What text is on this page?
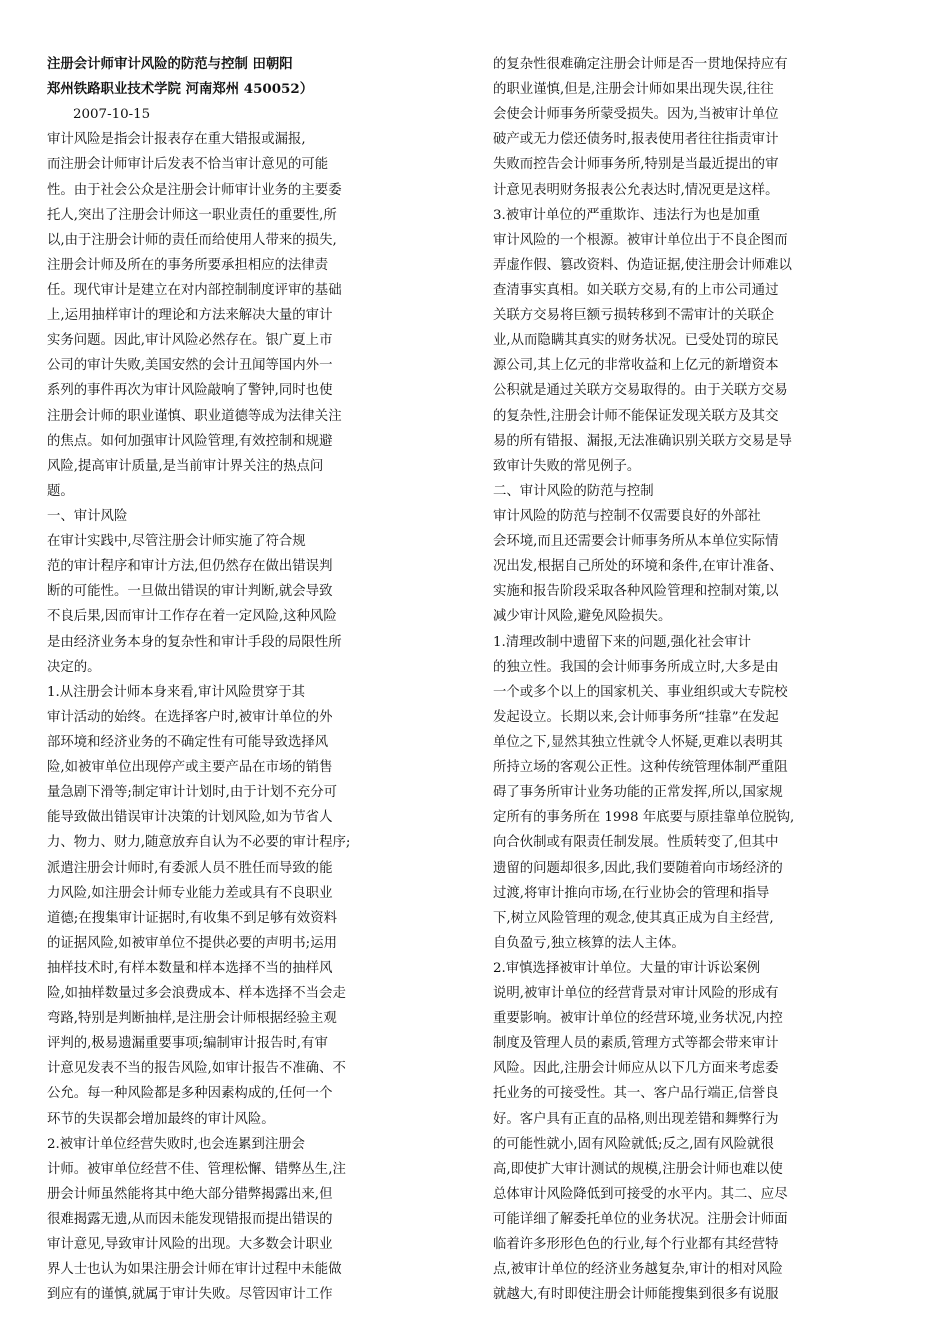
注册会计师审计风险的防范与控制 田朝阳
郑州铁路职业技术学院 河南郑州 450052）
2007-10-15
审计风险是指会计报表存在重大错报或漏报,
而注册会计师审计后发表不恰当审计意见的可能
性。由于社会公众是注册会计师审计业务的主要委
托人,突出了注册会计师这一职业责任的重要性,所
以,由于注册会计师的责任而给使用人带来的损失,
注册会计师及所在的事务所要承担相应的法律责
任。现代审计是建立在对内部控制制度评审的基础
上,运用抽样审计的理论和方法来解决大量的审计
实务问题。因此,审计风险必然存在。银广夏上市
公司的审计失败,美国安然的会计丑闻等国内外一
系列的事件再次为审计风险敲响了警钟,同时也使
注册会计师的职业谨慎、职业道德等成为法律关注
的焦点。如何加强审计风险管理,有效控制和规避
风险,提高审计质量,是当前审计界关注的热点问
题。
一、审计风险
在审计实践中,尽管注册会计师实施了符合规
范的审计程序和审计方法,但仍然存在做出错误判
断的可能性。一旦做出错误的审计判断,就会导致
不良后果,因而审计工作存在着一定风险,这种风险
是由经济业务本身的复杂性和审计手段的局限性所
决定的。
1.从注册会计师本身来看,审计风险贯穿于其
审计活动的始终。在选择客户时,被审计单位的外
部环境和经济业务的不确定性有可能导致选择风
险,如被审单位出现停产或主要产品在市场的销售
量急剧下滑等;制定审计计划时,由于计划不充分可
能导致做出错误审计决策的计划风险,如为节省人
力、物力、财力,随意放弃自认为不必要的审计程序;
派遣注册会计师时,有委派人员不胜任而导致的能
力风险,如注册会计师专业能力差或具有不良职业
道德;在搜集审计证据时,有收集不到足够有效资料
的证据风险,如被审单位不提供必要的声明书;运用
抽样技术时,有样本数量和样本选择不当的抽样风
险,如抽样数量过多会浪费成本、样本选择不当会走
弯路,特别是判断抽样,是注册会计师根据经验主观
评判的,极易遗漏重要事项;编制审计报告时,有审
计意见发表不当的报告风险,如审计报告不准确、不
公允。每一种风险都是多种因素构成的,任何一个
环节的失误都会增加最终的审计风险。
2.被审计单位经营失败时,也会连累到注册会
计师。被审单位经营不佳、管理松懈、错弊丛生,注
册会计师虽然能将其中绝大部分错弊揭露出来,但
很难揭露无遗,从而因未能发现错报而提出错误的
审计意见,导致审计风险的出现。大多数会计职业
界人士也认为如果注册会计师在审计过程中未能做
到应有的谨慎,就属于审计失败。尽管因审计工作
的复杂性很难确定注册会计师是否一贯地保持应有
的职业谨慎,但是,注册会计师如果出现失误,往往
会使会计师事务所蒙受损失。因为,当被审计单位
破产或无力偿还债务时,报表使用者往往指责审计
失败而控告会计师事务所,特别是当最近提出的审
计意见表明财务报表公允表达时,情况更是这样。
3.被审计单位的严重欺诈、违法行为也是加重
审计风险的一个根源。被审计单位出于不良企图而
弄虚作假、篡改资料、伪造证据,使注册会计师难以
查清事实真相。如关联方交易,有的上市公司通过
关联方交易将巨额亏损转移到不需审计的关联企
业,从而隐瞒其真实的财务状况。已受处罚的琼民
源公司,其上亿元的非常收益和上亿元的新增资本
公积就是通过关联方交易取得的。由于关联方交易
的复杂性,注册会计师不能保证发现关联方及其交
易的所有错报、漏报,无法准确识别关联方交易是导
致审计失败的常见例子。
二、审计风险的防范与控制
审计风险的防范与控制不仅需要良好的外部社
会环境,而且还需要会计师事务所从本单位实际情
况出发,根据自己所处的环境和条件,在审计准备、
实施和报告阶段采取各种风险管理和控制对策,以
减少审计风险,避免风险损失。
1.清理改制中遗留下来的问题,强化社会审计
的独立性。我国的会计师事务所成立时,大多是由
一个或多个以上的国家机关、事业组织或大专院校
发起设立。长期以来,会计师事务所“挂靠”在发起
单位之下,显然其独立性就令人怀疑,更难以表明其
所持立场的客观公正性。这种传统管理体制严重阻
碍了事务所审计业务功能的正常发挥,所以,国家规
定所有的事务所在 1998 年底要与原挂靠单位脱钩,
向合伙制或有限责任制发展。性质转变了,但其中
遗留的问题却很多,因此,我们要随着向市场经济的
过渡,将审计推向市场,在行业协会的管理和指导
下,树立风险管理的观念,使其真正成为自主经营,
自负盈亏,独立核算的法人主体。
2.审慎选择被审计单位。大量的审计诉讼案例
说明,被审计单位的经营背景对审计风险的形成有
重要影响。被审计单位的经营环境,业务状况,内控
制度及管理人员的素质,管理方式等都会带来审计
风险。因此,注册会计师应从以下几方面来考虑委
托业务的可接受性。其一、客户品行端正,信誉良
好。客户具有正直的品格,则出现差错和舞弊行为
的可能性就小,固有风险就低;反之,固有风险就很
高,即使扩大审计测试的规模,注册会计师也难以使
总体审计风险降低到可接受的水平内。其二、应尽
可能详细了解委托单位的业务状况。注册会计师面
临着许多形形色色的行业,每个行业都有其经营特
点,被审计单位的经济业务越复杂,审计的相对风险
就越大,有时即使注册会计师能搜集到很多有说服
